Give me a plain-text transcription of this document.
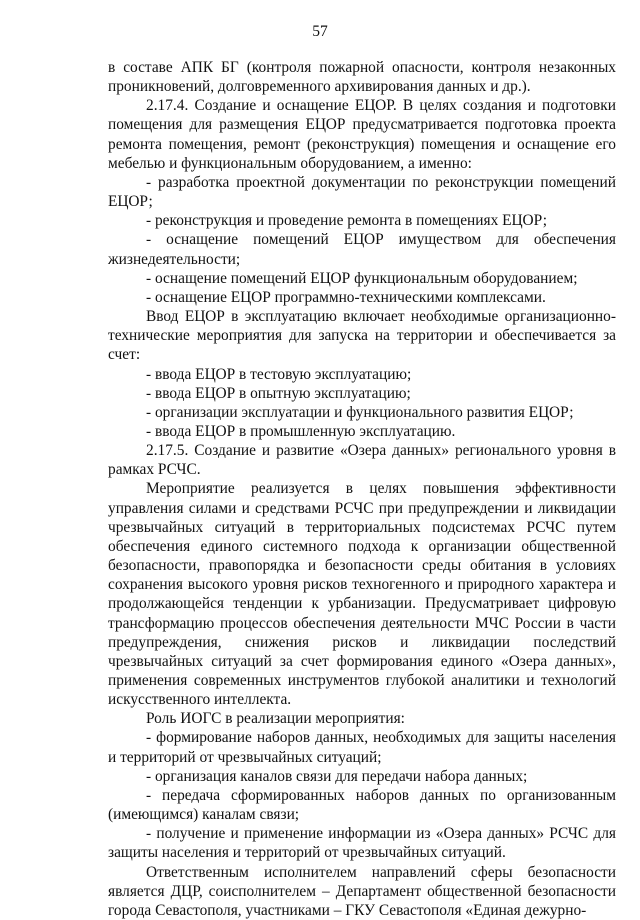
57

в составе АПК БГ (контроля пожарной опасности, контроля незаконных проникновений, долговременного архивирования данных и др.).

2.17.4. Создание и оснащение ЕЦОР. В целях создания и подготовки помещения для размещения ЕЦОР предусматривается подготовка проекта ремонта помещения, ремонт (реконструкция) помещения и оснащение его мебелью и функциональным оборудованием, а именно:

- разработка проектной документации по реконструкции помещений ЕЦОР;

- реконструкция и проведение ремонта в помещениях ЕЦОР;

- оснащение помещений ЕЦОР имуществом для обеспечения жизнедеятельности;

- оснащение помещений ЕЦОР функциональным оборудованием;

- оснащение ЕЦОР программно-техническими комплексами.

Ввод ЕЦОР в эксплуатацию включает необходимые организационно-технические мероприятия для запуска на территории и обеспечивается за счет:

- ввода ЕЦОР в тестовую эксплуатацию;

- ввода ЕЦОР в опытную эксплуатацию;

- организации эксплуатации и функционального развития ЕЦОР;

- ввода ЕЦОР в промышленную эксплуатацию.

2.17.5. Создание и развитие «Озера данных» регионального уровня в рамках РСЧС.

Мероприятие реализуется в целях повышения эффективности управления силами и средствами РСЧС при предупреждении и ликвидации чрезвычайных ситуаций в территориальных подсистемах РСЧС путем обеспечения единого системного подхода к организации общественной безопасности, правопорядка и безопасности среды обитания в условиях сохранения высокого уровня рисков техногенного и природного характера и продолжающейся тенденции к урбанизации. Предусматривает цифровую трансформацию процессов обеспечения деятельности МЧС России в части предупреждения, снижения рисков и ликвидации последствий чрезвычайных ситуаций за счет формирования единого «Озера данных», применения современных инструментов глубокой аналитики и технологий искусственного интеллекта.

Роль ИОГС в реализации мероприятия:

- формирование наборов данных, необходимых для защиты населения и территорий от чрезвычайных ситуаций;

- организация каналов связи для передачи набора данных;

- передача сформированных наборов данных по организованным (имеющимся) каналам связи;

- получение и применение информации из «Озера данных» РСЧС для защиты населения и территорий от чрезвычайных ситуаций.

Ответственным исполнителем направлений сферы безопасности является ДЦР, соисполнителем – Департамент общественной безопасности города Севастополя, участниками – ГКУ Севастополя «Единая дежурно-
